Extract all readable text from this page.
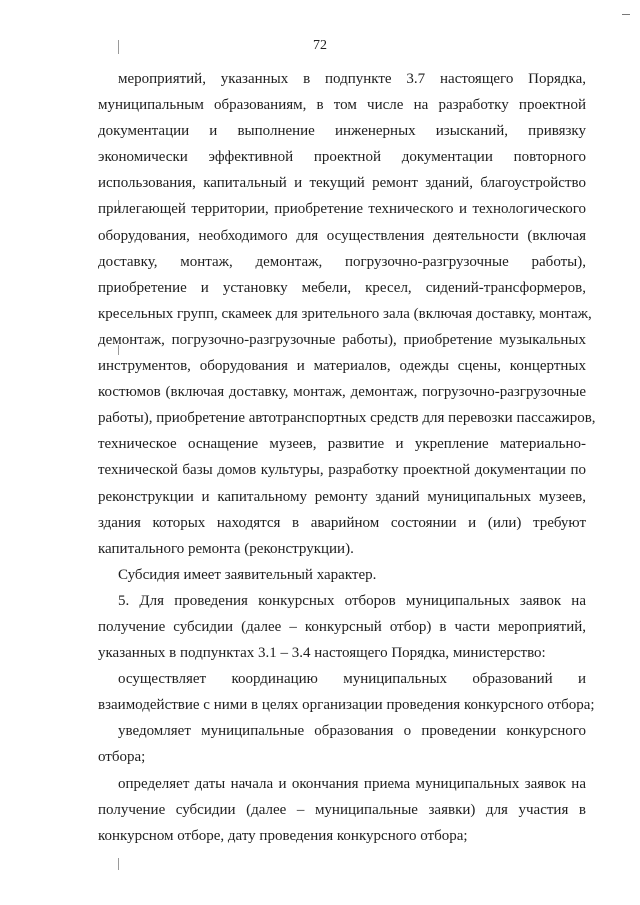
72
мероприятий, указанных в подпункте 3.7 настоящего Порядка,
муниципальным образованиям, в том числе на разработку проектной
документации и выполнение инженерных изысканий, привязку
экономически эффективной проектной документации повторного
использования, капитальный и текущий ремонт зданий, благоустройство
прилегающей территории, приобретение технического и технологического
оборудования, необходимого для осуществления деятельности (включая
доставку, монтаж, демонтаж, погрузочно-разгрузочные работы),
приобретение и установку мебели, кресел, сидений-трансформеров,
кресельных групп, скамеек для зрительного зала (включая доставку, монтаж,
демонтаж, погрузочно-разгрузочные работы), приобретение музыкальных
инструментов, оборудования и материалов, одежды сцены, концертных
костюмов (включая доставку, монтаж, демонтаж, погрузочно-разгрузочные
работы), приобретение автотранспортных средств для перевозки пассажиров,
техническое оснащение музеев, развитие и укрепление материально-
технической базы домов культуры, разработку проектной документации по
реконструкции и капитальному ремонту зданий муниципальных музеев,
здания которых находятся в аварийном состоянии и (или) требуют
капитального ремонта (реконструкции).
Субсидия имеет заявительный характер.
5. Для проведения конкурсных отборов муниципальных заявок на
получение субсидии (далее – конкурсный отбор) в части мероприятий,
указанных в подпунктах 3.1 – 3.4 настоящего Порядка, министерство:
осуществляет координацию муниципальных образований и
взаимодействие с ними в целях организации проведения конкурсного отбора;
уведомляет муниципальные образования о проведении конкурсного
отбора;
определяет даты начала и окончания приема муниципальных заявок на
получение субсидии (далее – муниципальные заявки) для участия в
конкурсном отборе, дату проведения конкурсного отбора;
